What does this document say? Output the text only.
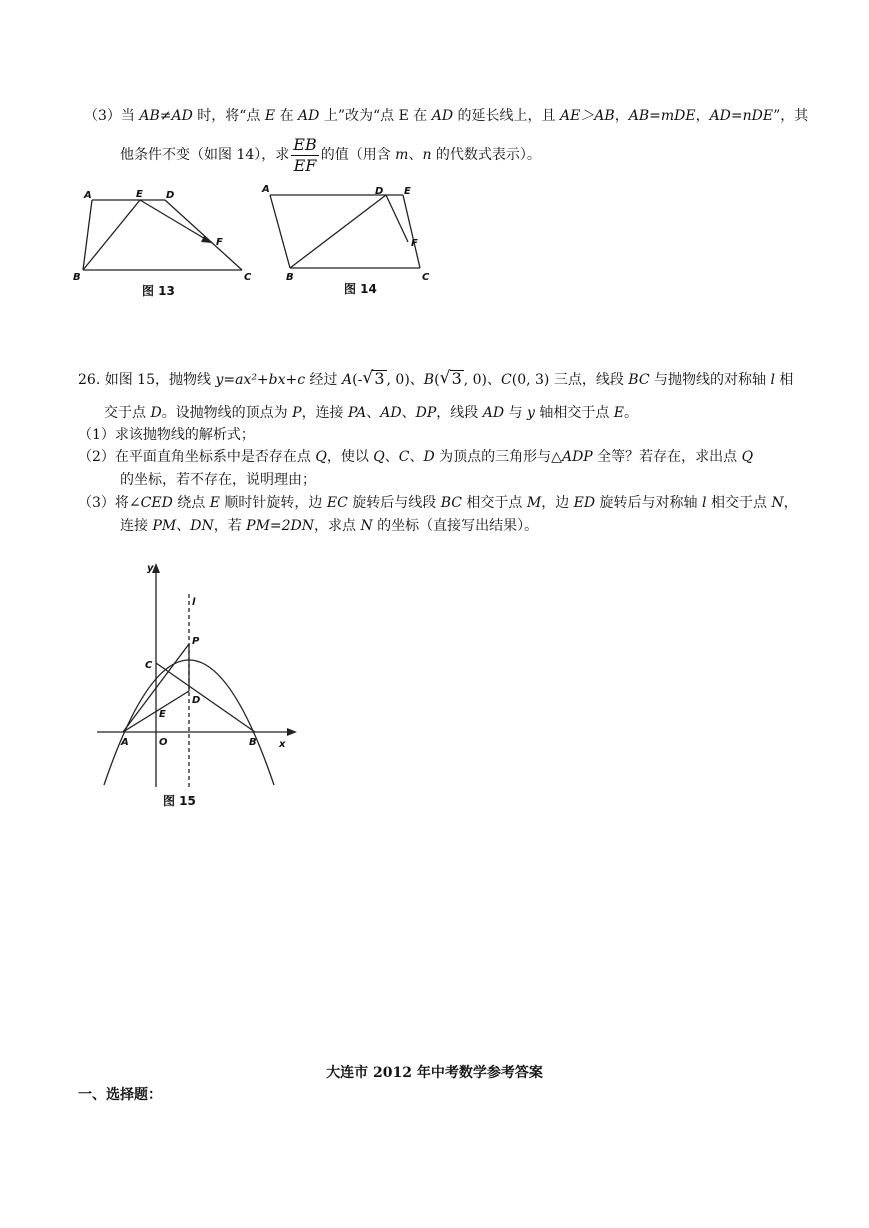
（3）当 AB≠AD 时，将“点 E 在 AD 上”改为“点 E 在 AD 的延长线上，且 AE＞AB，AB=mDE，AD=nDE”，其
他条件不变（如图 14），求 $\frac{EB}{EF}$ 的值（用含 m、n 的代数式表示）。
A	E D
F
B	C
图 13
A	D E
F
B	C
图 14
26. 如图 15，抛物线 y=ax²+bx+c 经过 A(- √ 3 , 0)、B( √ 3 , 0)、C(0, 3) 三点，线段 BC 与抛物线的对称轴 l 相
交于点 D。设抛物线的顶点为 P，连接 PA、AD、DP，线段 AD 与 y 轴相交于点 E。
（1）求该抛物线的解析式；
（2）在平面直角坐标系中是否存在点 Q，使以 Q、C、D 为顶点的三角形与△ADP 全等？若存在，求出点 Q
的坐标，若不存在，说明理由；
（3）将∠CED 绕点 E 顺时针旋转，边 EC 旋转后与线段 BC 相交于点 M，边 ED 旋转后与对称轴 l 相交于点 N，
连接 PM、DN，若 PM=2DN，求点 N 的坐标（直接写出结果）。
y
x
l
P
C
D
E
A	O	B
图 15
大连市 2012 年中考数学参考答案
一、选择题：
